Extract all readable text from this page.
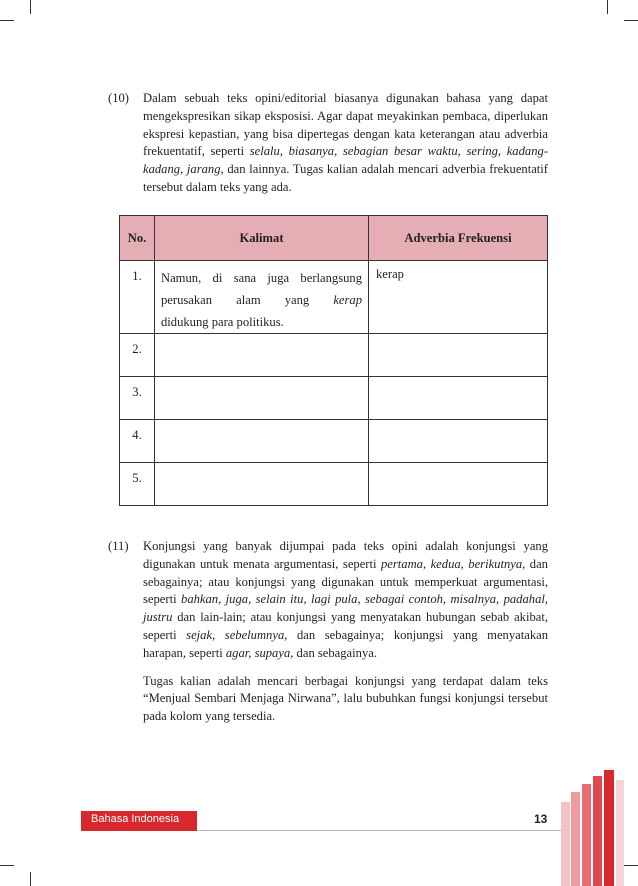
(10) Dalam sebuah teks opini/editorial biasanya digunakan bahasa yang dapat mengekspresikan sikap eksposisi. Agar dapat meyakinkan pembaca, diperlukan ekspresi kepastian, yang bisa dipertegas dengan kata keterangan atau adverbia frekuentatif, seperti selalu, biasanya, sebagian besar waktu, sering, kadang-kadang, jarang, dan lainnya. Tugas kalian adalah mencari adverbia frekuentatif tersebut dalam teks yang ada.

No.	Kalimat	Adverbia Frekuensi

1.	Namun, di sana juga berlangsung
perusakan alam yang kerap
didukung para politikus.	kerap

2.		

3.		

4.		

5.		

(11) Konjungsi yang banyak dijumpai pada teks opini adalah konjungsi yang digunakan untuk menata argumentasi, seperti pertama, kedua, berikutnya, dan sebagainya; atau konjungsi yang digunakan untuk memperkuat argumentasi, seperti bahkan, juga, selain itu, lagi pula, sebagai contoh, misalnya, padahal, justru dan lain-lain; atau konjungsi yang menyatakan hubungan sebab akibat, seperti sejak, sebelumnya, dan sebagainya; konjungsi yang menyatakan harapan, seperti agar, supaya, dan sebagainya.

Tugas kalian adalah mencari berbagai konjungsi yang terdapat dalam teks “Menjual Sembari Menjaga Nirwana”, lalu bubuhkan fungsi konjungsi tersebut pada kolom yang tersedia.

Bahasa Indonesia	13
